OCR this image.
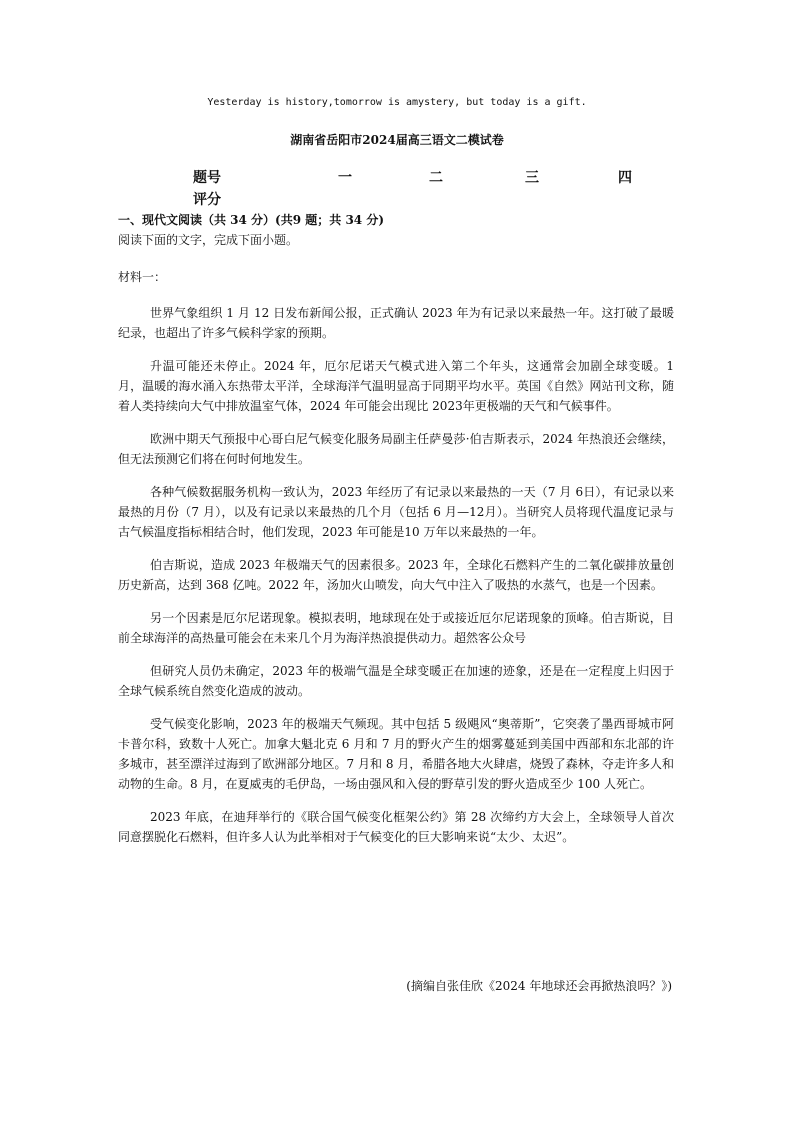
Yesterday is history,tomorrow is amystery, but today is a gift.
湖南省岳阳市2024届高三语文二模试卷
题号	一	二	三	四
评分
一、现代文阅读（共 34 分）(共9 题；共 34 分)
阅读下面的文字，完成下面小题。
材料一：

世界气象组织 1 月 12 日发布新闻公报，正式确认 2023 年为有记录以来最热一年。这打破了最暖纪录，也超出了许多气候科学家的预期。

升温可能还未停止。2024 年，厄尔尼诺天气模式进入第二个年头，这通常会加剧全球变暖。1 月，温暖的海水涌入东热带太平洋，全球海洋气温明显高于同期平均水平。英国《自然》网站刊文称，随着人类持续向大气中排放温室气体，2024 年可能会出现比 2023年更极端的天气和气候事件。

欧洲中期天气预报中心哥白尼气候变化服务局副主任萨曼莎·伯吉斯表示，2024 年热浪还会继续，但无法预测它们将在何时何地发生。

各种气候数据服务机构一致认为，2023 年经历了有记录以来最热的一天（7 月 6日），有记录以来最热的月份（7 月），以及有记录以来最热的几个月（包括 6 月—12月）。当研究人员将现代温度记录与古气候温度指标相结合时，他们发现，2023 年可能是10 万年以来最热的一年。

伯吉斯说，造成 2023 年极端天气的因素很多。2023 年，全球化石燃料产生的二氧化碳排放量创历史新高，达到 368 亿吨。2022 年，汤加火山喷发，向大气中注入了吸热的水蒸气，也是一个因素。

另一个因素是厄尔尼诺现象。模拟表明，地球现在处于或接近厄尔尼诺现象的顶峰。伯吉斯说，目前全球海洋的高热量可能会在未来几个月为海洋热浪提供动力。超然客公众号

但研究人员仍未确定，2023 年的极端气温是全球变暖正在加速的迹象，还是在一定程度上归因于全球气候系统自然变化造成的波动。

受气候变化影响，2023 年的极端天气频现。其中包括 5 级飓风“奥蒂斯”，它突袭了墨西哥城市阿卡普尔科，致数十人死亡。加拿大魁北克 6 月和 7 月的野火产生的烟雾蔓延到美国中西部和东北部的许多城市，甚至漂洋过海到了欧洲部分地区。7 月和 8 月，希腊各地大火肆虐，烧毁了森林，夺走许多人和动物的生命。8 月，在夏威夷的毛伊岛，一场由强风和入侵的野草引发的野火造成至少 100 人死亡。

2023 年底，在迪拜举行的《联合国气候变化框架公约》第 28 次缔约方大会上，全球领导人首次同意摆脱化石燃料，但许多人认为此举相对于气候变化的巨大影响来说“太少、太迟”。

(摘编自张佳欣《2024 年地球还会再掀热浪吗？》)
